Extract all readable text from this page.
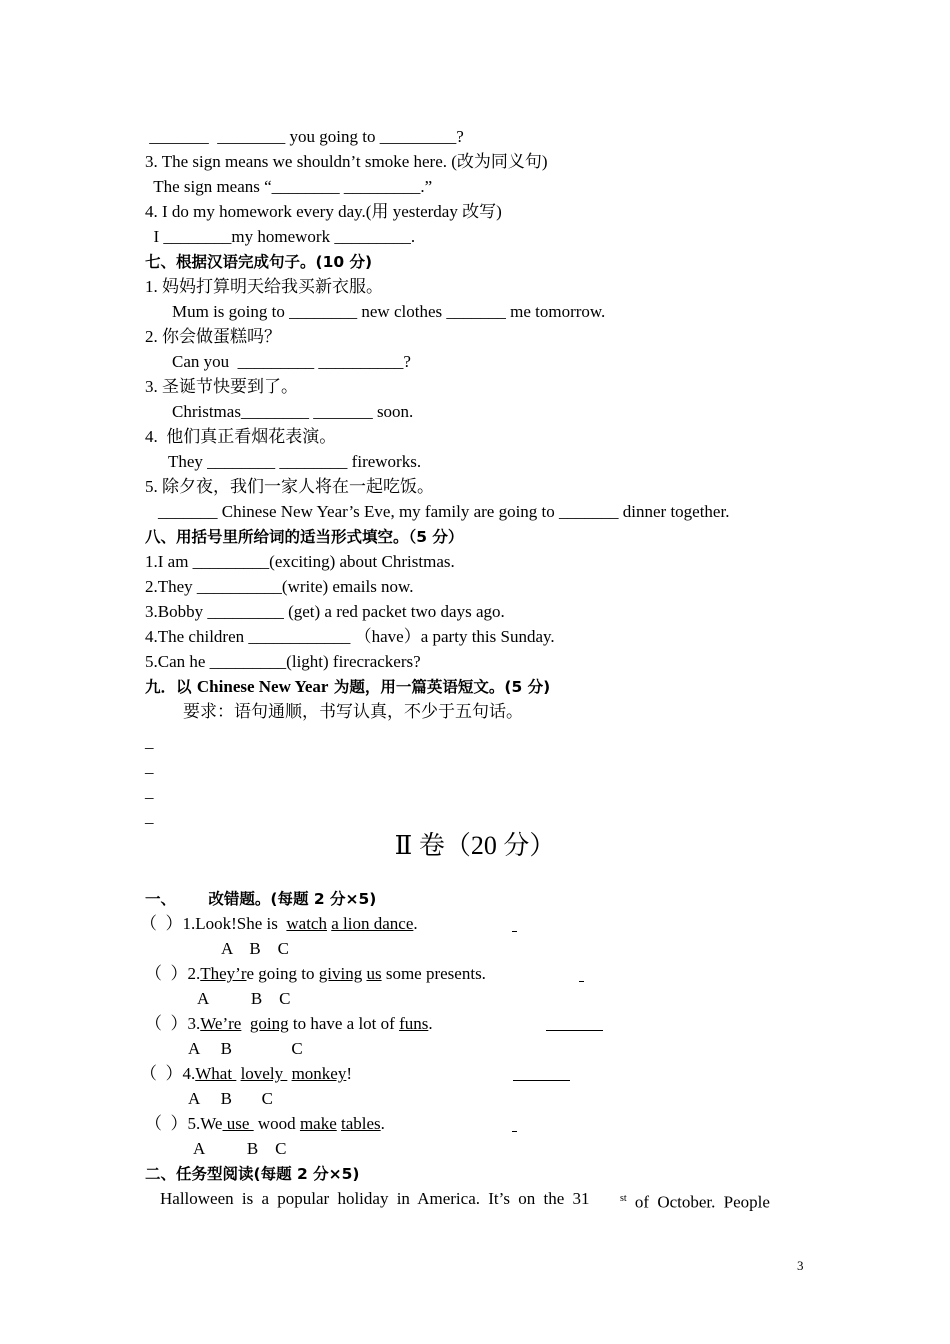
_______  ________ you going to _________?
3. The sign means we shouldn’t smoke here. (改为同义句)
The sign means “________ _________.”
4. I do my homework every day.(用 yesterday 改写)
I ________my homework _________.
七、根据汉语完成句子。(10 分)
1. 妈妈打算明天给我买新衣服。
Mum is going to ________ new clothes _______ me tomorrow.
2. 你会做蛋糕吗？
Can you  _________ __________?
3. 圣诞节快要到了。
Christmas________ _______ soon.
4.  他们真正看烟花表演。
They ________ ________ fireworks.
5. 除夕夜，我们一家人将在一起吃饭。
_______ Chinese New Year’s Eve, my family are going to _______ dinner together.
八、用括号里所给词的适当形式填空。（5 分）
1.I am _________(exciting) about Christmas.
2.They __________(write) emails now.
3.Bobby _________ (get) a red packet two days ago.
4.The children ____________ （have）a party this Sunday.
5.Can he _________(light) firecrackers?
九．以 Chinese New Year 为题，用一篇英语短文。(5 分)
要求：语句通顺，书写认真，不少于五句话。
_
_
_
_
Ⅱ 卷（20 分）
一、      改错题。(每题 2 分×5)
（  ）1.Look!She is  watch a lion dance.
A    B    C
（  ）2.They’re going to giving us some presents.
A          B    C
（  ）3.We’re going to have a lot of funs.
A     B              C
（  ）4.What  lovely  monkey!
A     B       C
（  ）5.We use  wood make tables.
A          B    C
二、任务型阅读(每题 2 分×5)
Halloween is a popular holiday in America. It’s on the 31

	$^{st}$ of October. People
3
